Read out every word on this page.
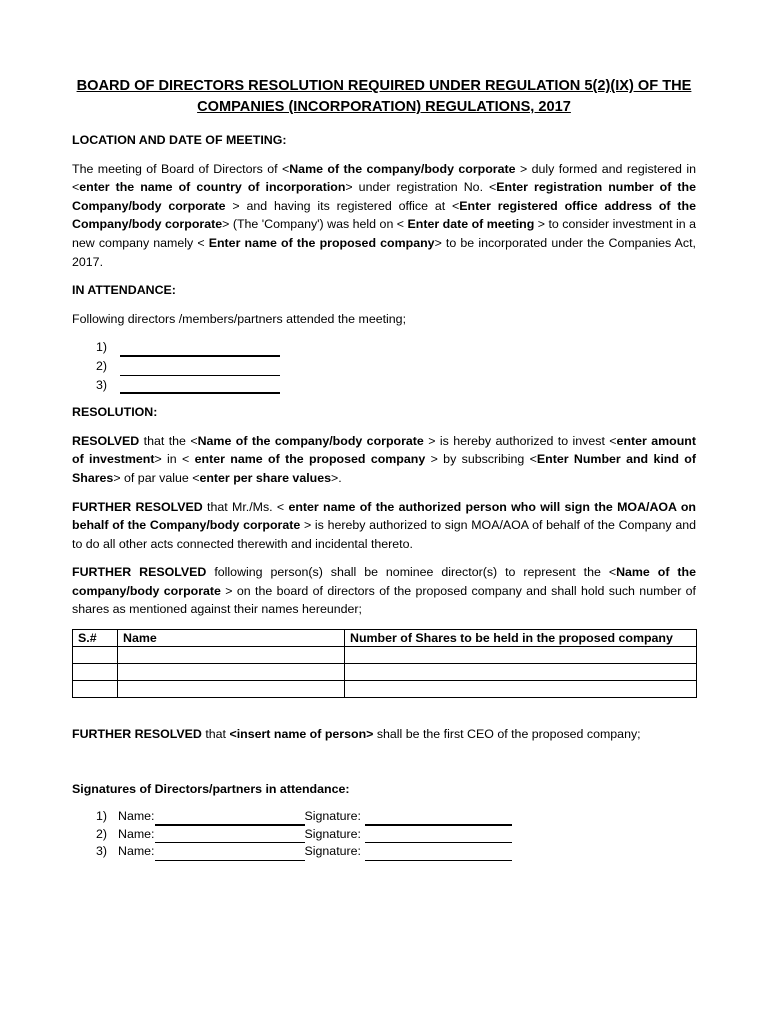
BOARD OF DIRECTORS RESOLUTION REQUIRED UNDER REGULATION 5(2)(IX) OF THE
COMPANIES (INCORPORATION) REGULATIONS, 2017

LOCATION AND DATE OF MEETING:

The meeting of Board of Directors of <Name of the company/body corporate > duly formed and registered in <enter the name of country of incorporation> under registration No. <Enter registration number of the Company/body corporate > and having its registered office at <Enter registered office address of the Company/body corporate> (The 'Company') was held on < Enter date of meeting > to consider investment in a new company namely < Enter name of the proposed company> to be incorporated under the Companies Act, 2017.

IN ATTENDANCE:

Following directors /members/partners attended the meeting;

1)
2)
3)

RESOLUTION:

RESOLVED that the <Name of the company/body corporate > is hereby authorized to invest <enter amount of investment> in < enter name of the proposed company > by subscribing <Enter Number and kind of Shares> of par value <enter per share values>.

FURTHER RESOLVED that Mr./Ms. < enter name of the authorized person who will sign the MOA/AOA on behalf of the Company/body corporate > is hereby authorized to sign MOA/AOA of behalf of the Company and to do all other acts connected therewith and incidental thereto.

FURTHER RESOLVED following person(s) shall be nominee director(s) to represent the <Name of the company/body corporate > on the board of directors of the proposed company and shall hold such number of shares as mentioned against their names hereunder;

S.#	Name	Number of Shares to be held in the proposed company

FURTHER RESOLVED that <insert name of person> shall be the first CEO of the proposed company;

Signatures of Directors/partners in attendance:

1) Name:	Signature:
2) Name:	Signature:
3) Name:	Signature:
